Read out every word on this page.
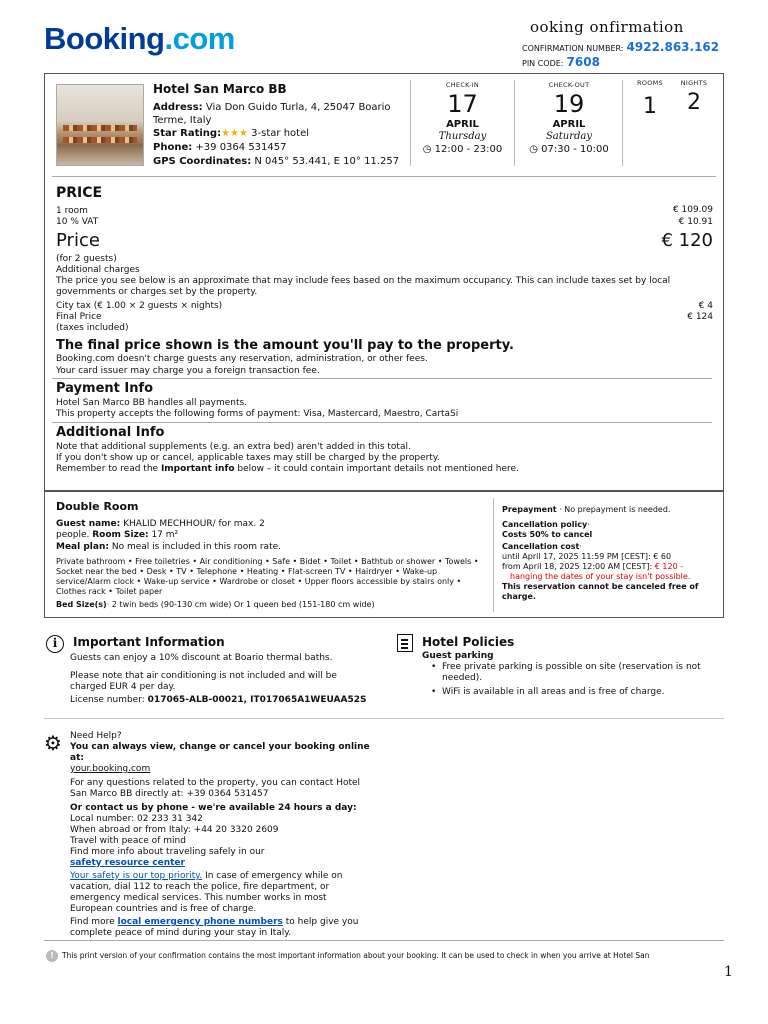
Booking.com	ooking onfirmation
CONFIRMATION NUMBER: 4922.863.162
PIN CODE: 7608
Hotel San Marco BB
Address: Via Don Guido Turla, 4, 25047 Boario Terme, Italy
Star Rating:★★★ 3-star hotel
Phone: +39 0364 531457
GPS Coordinates: N 045° 53.441, E 10° 11.257
CHECK-IN
17
APRIL
Thursday
◷ 12:00 - 23:00
CHECK-OUT
19
APRIL
Saturday
◷ 07:30 - 10:00
ROOMS
1
NIGHTS
2
PRICE
1 room	€ 109.09
10 % VAT	€ 10.91
Price	€ 120
(for 2 guests)
Additional charges
The price you see below is an approximate that may include fees based on the maximum occupancy. This can include taxes set by local governments or charges set by the property.
City tax (€ 1.00 × 2 guests × nights)	€ 4
Final Price	€ 124
(taxes included)
The final price shown is the amount you'll pay to the property.
Booking.com doesn't charge guests any reservation, administration, or other fees.
Your card issuer may charge you a foreign transaction fee.
Payment Info
Hotel San Marco BB handles all payments.
This property accepts the following forms of payment: Visa, Mastercard, Maestro, CartaSi
Additional Info
Note that additional supplements (e.g. an extra bed) aren't added in this total.
If you don't show up or cancel, applicable taxes may still be charged by the property.
Remember to read the Important info below – it could contain important details not mentioned here.
Double Room
Guest name: KHALID MECHHOUR/ for max. 2
people. Room Size: 17 m²
Meal plan: No meal is included in this room rate.
Private bathroom • Free toiletries • Air conditioning • Safe • Bidet • Toilet • Bathtub or shower • Towels • Socket near the bed • Desk • TV • Telephone • Heating • Flat-screen TV • Hairdryer • Wake-up service/Alarm clock • Wake-up service • Wardrobe or closet • Upper floors accessible by stairs only • Clothes rack • Toilet paper
Bed Size(s)· 2 twin beds (90-130 cm wide) Or 1 queen bed (151-180 cm wide)
Prepayment · No prepayment is needed.
Cancellation policy·
Costs 50% to cancel
Cancellation cost·
until April 17, 2025 11:59 PM [CEST]: € 60
from April 18, 2025 12:00 AM [CEST]: € 120 -
hanging the dates of your stay isn't possible.
This reservation cannot be canceled free of charge.
i	Important Information
Guests can enjoy a 10% discount at Boario thermal baths.
Please note that air conditioning is not included and will be charged EUR 4 per day.
License number: 017065-ALB-00021, IT017065A1WEUAA52S
Hotel Policies
Guest parking
• Free private parking is possible on site (reservation is not needed).
• WiFi is available in all areas and is free of charge.
⚙ Need Help?
You can always view, change or cancel your booking online at:
your.booking.com
For any questions related to the property, you can contact Hotel San Marco BB directly at: +39 0364 531457
Or contact us by phone - we're available 24 hours a day:
Local number: 02 233 31 342
When abroad or from Italy: +44 20 3320 2609
Travel with peace of mind
Find more info about traveling safely in our
safety resource center
Your safety is our top priority. In case of emergency while on vacation, dial 112 to reach the police, fire department, or emergency medical services. This number works in most European countries and is free of charge.
Find more local emergency phone numbers to help give you complete peace of mind during your stay in Italy.
!	This print version of your confirmation contains the most important information about your booking. It can be used to check in when you arrive at Hotel San
1
